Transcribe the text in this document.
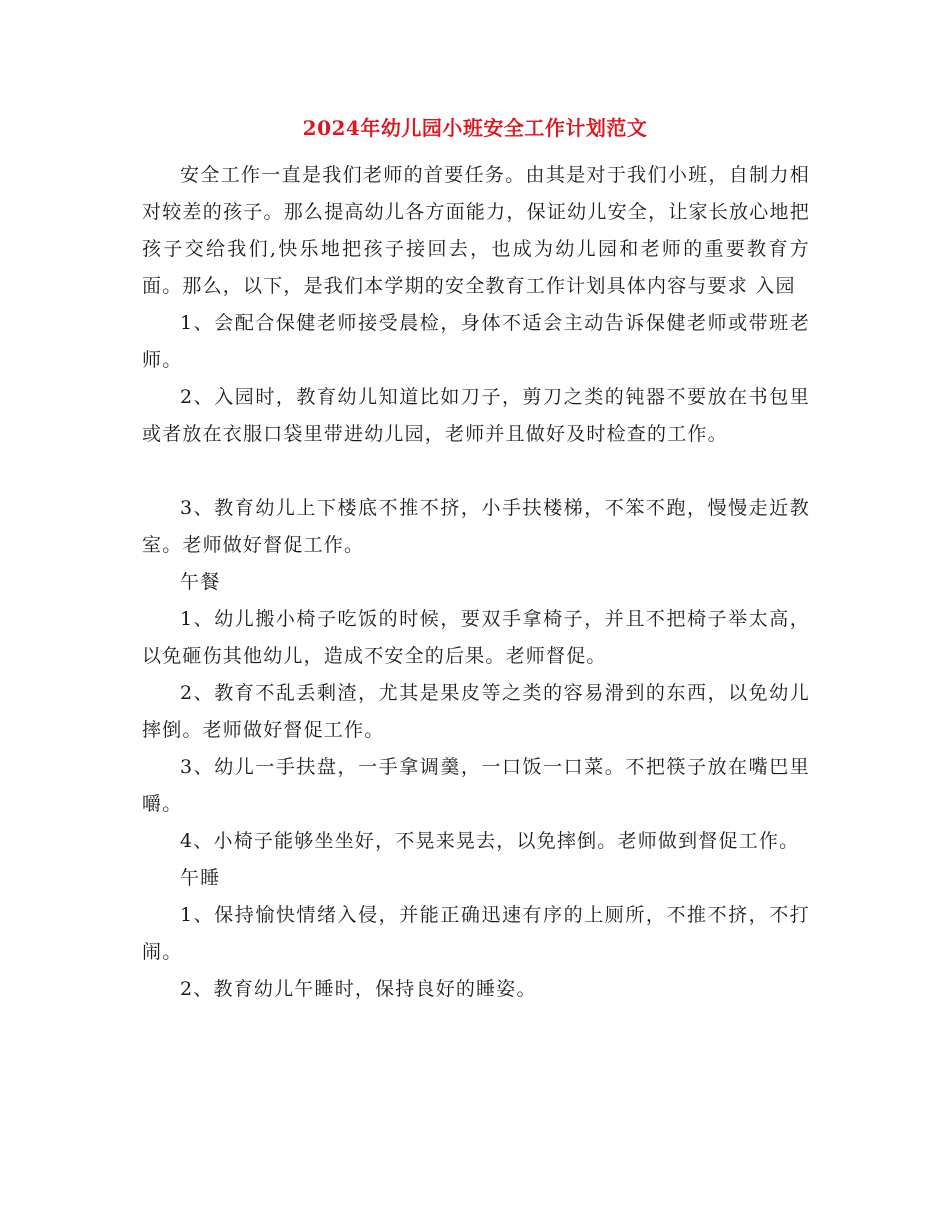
2024年幼儿园小班安全工作计划范文

安全工作一直是我们老师的首要任务。由其是对于我们小班，自制力相对较差的孩子。那么提高幼儿各方面能力，保证幼儿安全，让家长放心地把孩子交给我们,快乐地把孩子接回去，也成为幼儿园和老师的重要教育方面。那么，以下，是我们本学期的安全教育工作计划具体内容与要求 入园

1、会配合保健老师接受晨检，身体不适会主动告诉保健老师或带班老师。

2、入园时，教育幼儿知道比如刀子，剪刀之类的钝器不要放在书包里或者放在衣服口袋里带进幼儿园，老师并且做好及时检查的工作。

3、教育幼儿上下楼底不推不挤，小手扶楼梯，不笨不跑，慢慢走近教室。老师做好督促工作。

午餐

1、幼儿搬小椅子吃饭的时候，要双手拿椅子，并且不把椅子举太高，以免砸伤其他幼儿，造成不安全的后果。老师督促。

2、教育不乱丢剩渣，尤其是果皮等之类的容易滑到的东西，以免幼儿摔倒。老师做好督促工作。

3、幼儿一手扶盘，一手拿调羹，一口饭一口菜。不把筷子放在嘴巴里嚼。

4、小椅子能够坐坐好，不晃来晃去，以免摔倒。老师做到督促工作。

午睡

1、保持愉快情绪入侵，并能正确迅速有序的上厕所，不推不挤，不打闹。

2、教育幼儿午睡时，保持良好的睡姿。
